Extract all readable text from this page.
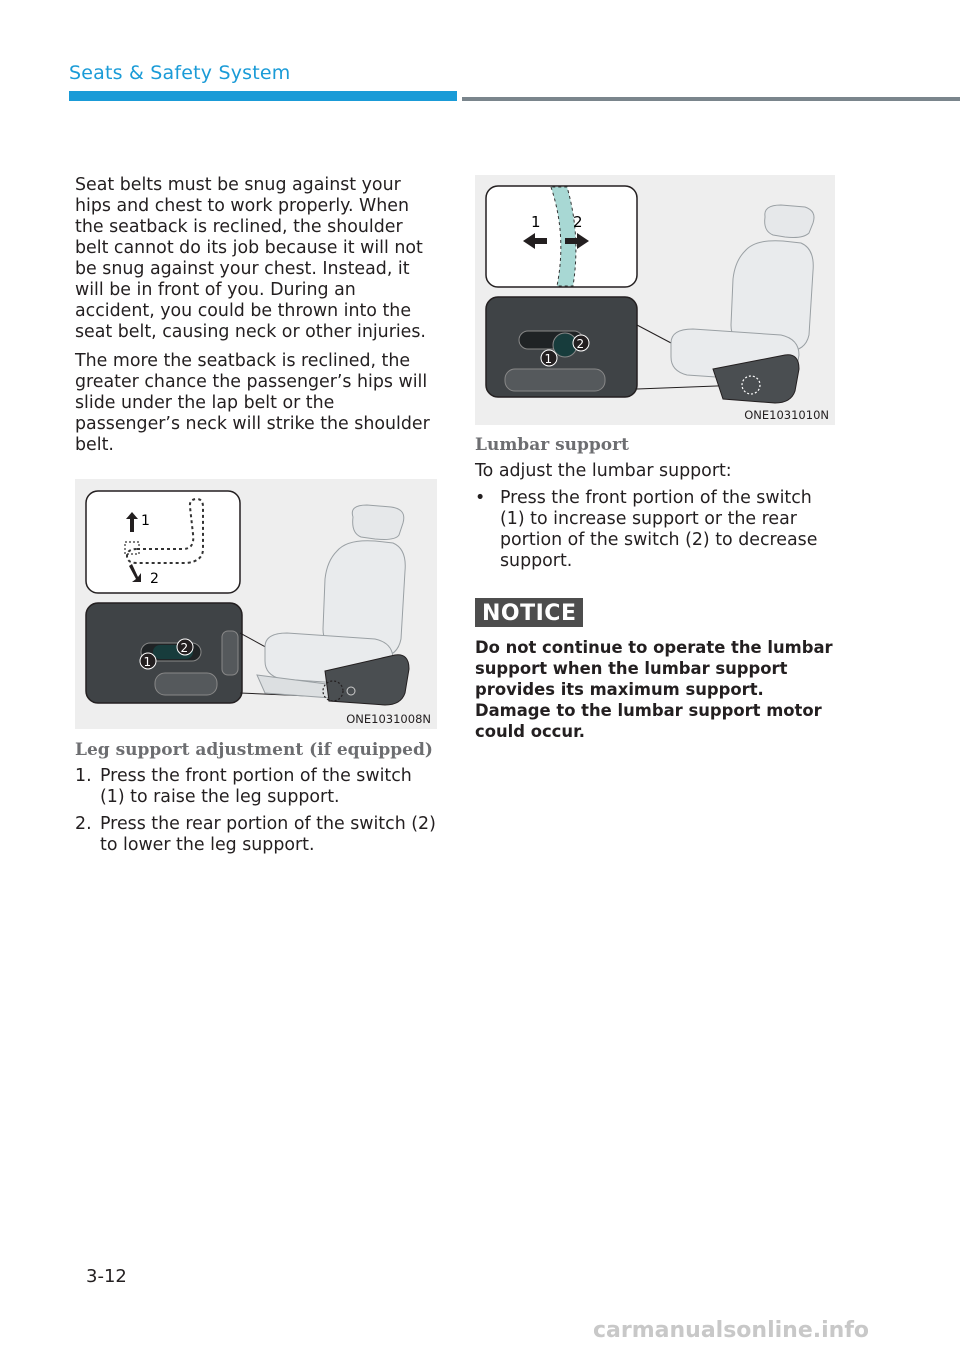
Seats & Safety System

Seat belts must be snug against your hips and chest to work properly. When the seatback is reclined, the shoulder belt cannot do its job because it will not be snug against your chest. Instead, it will be in front of you. During an accident, you could be thrown into the seat belt, causing neck or other injuries.

The more the seatback is reclined, the greater chance the passenger’s hips will slide under the lap belt or the passenger’s neck will strike the shoulder belt.

1
2
1
2
ONE1031008N
Leg support adjustment (if equipped)
1. Press the front portion of the switch (1) to raise the leg support.
2. Press the rear portion of the switch (2) to lower the leg support.
1 2
1
2
ONE1031010N
Lumbar support

To adjust the lumbar support:

• Press the front portion of the switch (1) to increase support or the rear portion of the switch (2) to decrease support.
NOTICE
Do not continue to operate the lumbar support when the lumbar support provides its maximum support. Damage to the lumbar support motor could occur.
3-12
carmanualsonline.info
